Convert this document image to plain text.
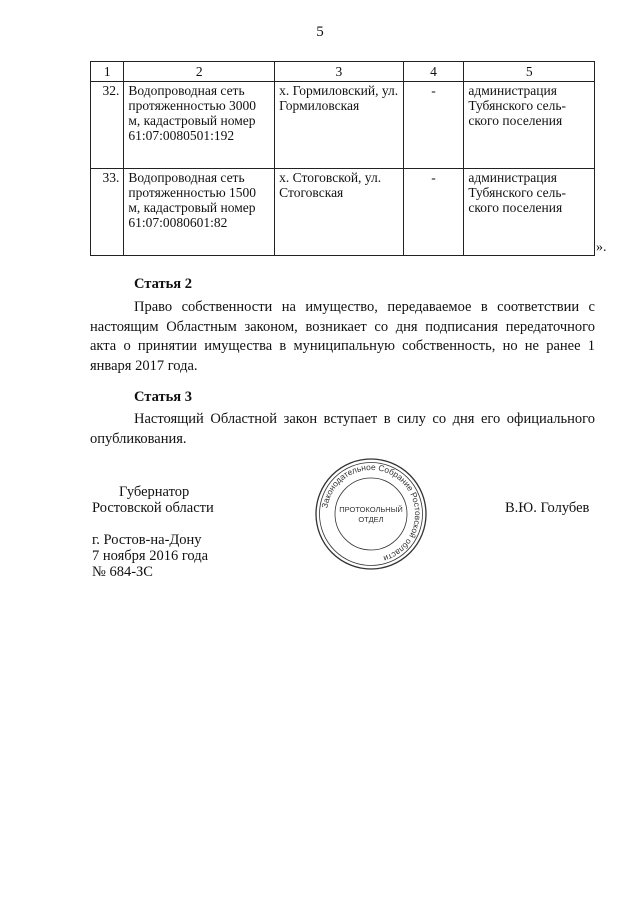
5
1	2	3	4	5
32.	Водопроводная сеть протяженностью 3000 м, кадастровый номер 61:07:0080501:192	х. Гормиловский, ул. Гормиловская	-	администрация Тубянского сель-ского поселения
33.	Водопроводная сеть протяженностью 1500 м, кадастровый номер 61:07:0080601:82	х. Стоговской, ул. Стоговская	-	администрация Тубянского сель-ского поселения
».
Статья 2

Право собственности на имущество, передаваемое в соответствии с настоящим Областным законом, возникает со дня подписания передаточного акта о принятии имущества в муниципальную собственность, но не ранее 1 января 2017 года.

Статья 3

Настоящий Областной закон вступает в силу со дня его официального опубликования.

Губернатор
Ростовской области	В.Ю. Голубев
г. Ростов-на-Дону
7 ноября 2016 года
№ 684-ЗС
Законодательное Собрание Ростовской области
ПРОТОКОЛЬНЫЙ
ОТДЕЛ
